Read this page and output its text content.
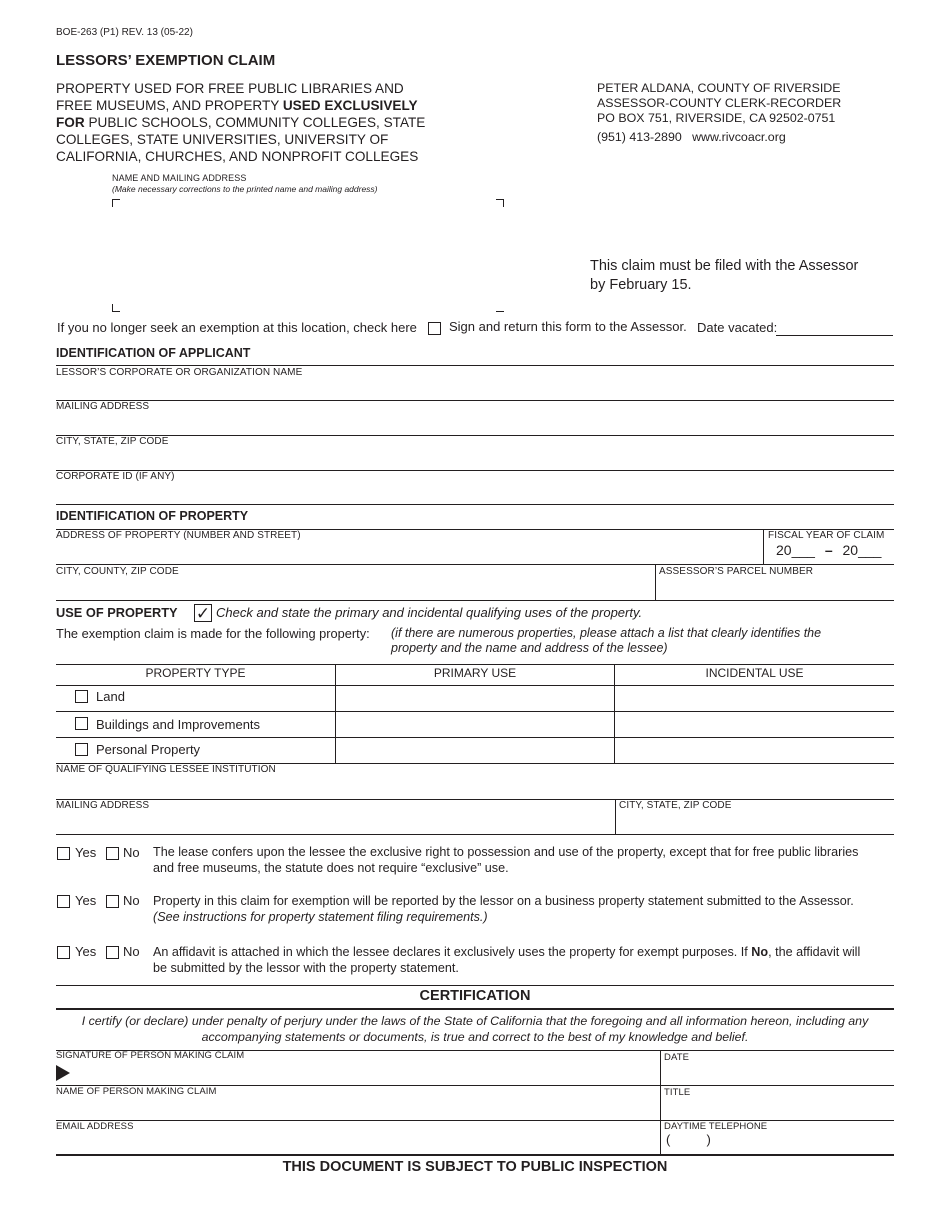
BOE-263 (P1) REV. 13 (05-22)
LESSORS’ EXEMPTION CLAIM
PROPERTY USED FOR FREE PUBLIC LIBRARIES AND
FREE MUSEUMS, AND PROPERTY USED EXCLUSIVELY
FOR PUBLIC SCHOOLS, COMMUNITY COLLEGES, STATE
COLLEGES, STATE UNIVERSITIES, UNIVERSITY OF
CALIFORNIA, CHURCHES, AND NONPROFIT COLLEGES
PETER ALDANA, COUNTY OF RIVERSIDE
ASSESSOR-COUNTY CLERK-RECORDER
PO BOX 751, RIVERSIDE, CA 92502-0751
(951) 413-2890 www.rivcoacr.org
NAME AND MAILING ADDRESS
(Make necessary corrections to the printed name and mailing address)
This claim must be filed with the Assessor
by February 15.
If you no longer seek an exemption at this location, check here Sign and return this form to the Assessor. Date vacated:
IDENTIFICATION OF APPLICANT
LESSOR’S CORPORATE OR ORGANIZATION NAME
MAILING ADDRESS
CITY, STATE, ZIP CODE
CORPORATE ID (IF ANY)
IDENTIFICATION OF PROPERTY
ADDRESS OF PROPERTY (NUMBER AND STREET)	FISCAL YEAR OF CLAIM
20___ – 20___
CITY, COUNTY, ZIP CODE	ASSESSOR’S PARCEL NUMBER
USE OF PROPERTY ✓ Check and state the primary and incidental qualifying uses of the property.
The exemption claim is made for the following property: (if there are numerous properties, please attach a list that clearly identifies the
property and the name and address of the lessee)
PROPERTY TYPE	PRIMARY USE	INCIDENTAL USE
Land
Buildings and Improvements
Personal Property
NAME OF QUALIFYING LESSEE INSTITUTION
MAILING ADDRESS	CITY, STATE, ZIP CODE
Yes No The lease confers upon the lessee the exclusive right to possession and use of the property, except that for free public libraries
and free museums, the statute does not require “exclusive” use.
Yes No Property in this claim for exemption will be reported by the lessor on a business property statement submitted to the Assessor.
(See instructions for property statement filing requirements.)
Yes No An affidavit is attached in which the lessee declares it exclusively uses the property for exempt purposes. If No, the affidavit will
be submitted by the lessor with the property statement.
CERTIFICATION
I certify (or declare) under penalty of perjury under the laws of the State of California that the foregoing and all information hereon, including any
accompanying statements or documents, is true and correct to the best of my knowledge and belief.
SIGNATURE OF PERSON MAKING CLAIM	DATE
NAME OF PERSON MAKING CLAIM	TITLE
EMAIL ADDRESS	DAYTIME TELEPHONE
(          )
THIS DOCUMENT IS SUBJECT TO PUBLIC INSPECTION
